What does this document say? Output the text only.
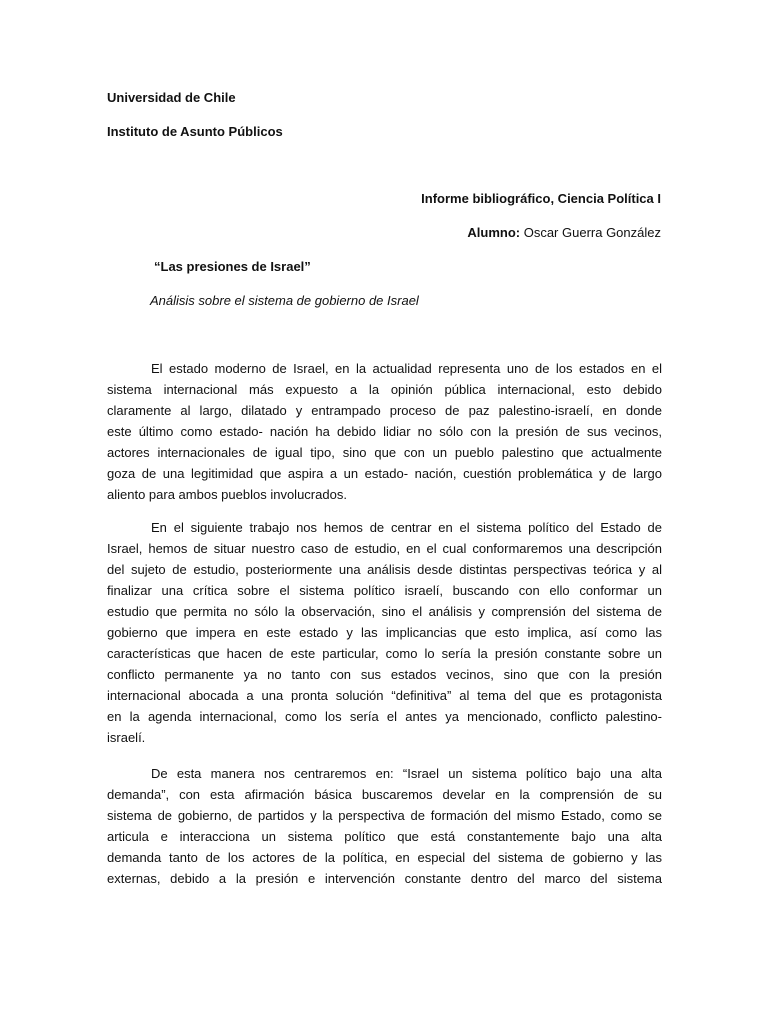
Universidad de Chile
Instituto de Asunto Públicos
Informe bibliográfico, Ciencia Política I
Alumno: Oscar Guerra González
“Las presiones de Israel”
Análisis sobre el sistema de gobierno de Israel
El estado moderno de Israel, en la actualidad representa uno de los estados en el
sistema internacional más expuesto a la opinión pública internacional, esto debido
claramente al largo, dilatado y entrampado proceso de paz palestino-israelí, en donde
este último como estado- nación ha debido lidiar no sólo con la presión de sus vecinos,
actores internacionales de igual tipo, sino que con un pueblo palestino que actualmente
goza de una legitimidad que aspira a un estado- nación, cuestión problemática y de largo
aliento para ambos pueblos involucrados.
En el siguiente trabajo nos hemos de centrar en el sistema político del Estado de
Israel, hemos de situar nuestro caso de estudio, en el cual conformaremos una descripción
del sujeto de estudio, posteriormente una análisis desde distintas perspectivas teórica y al
finalizar una crítica sobre el sistema político israelí, buscando con ello conformar un
estudio que permita no sólo la observación, sino el análisis y comprensión del sistema de
gobierno que impera en este estado y las implicancias que esto implica, así como las
características que hacen de este particular, como lo sería la presión constante sobre un
conflicto permanente ya no tanto con sus estados vecinos, sino que con la presión
internacional abocada a una pronta solución “definitiva” al tema del que es protagonista
en la agenda internacional, como los sería el antes ya mencionado, conflicto palestino-
israelí.
De esta manera nos centraremos en: “Israel un sistema político bajo una alta
demanda”, con esta afirmación básica buscaremos develar en la comprensión de su
sistema de gobierno, de partidos y la perspectiva de formación del mismo Estado, como se
articula e interacciona un sistema político que está constantemente bajo una alta
demanda tanto de los actores de la política, en especial del sistema de gobierno y las
externas, debido a la presión e intervención constante dentro del marco del sistema
